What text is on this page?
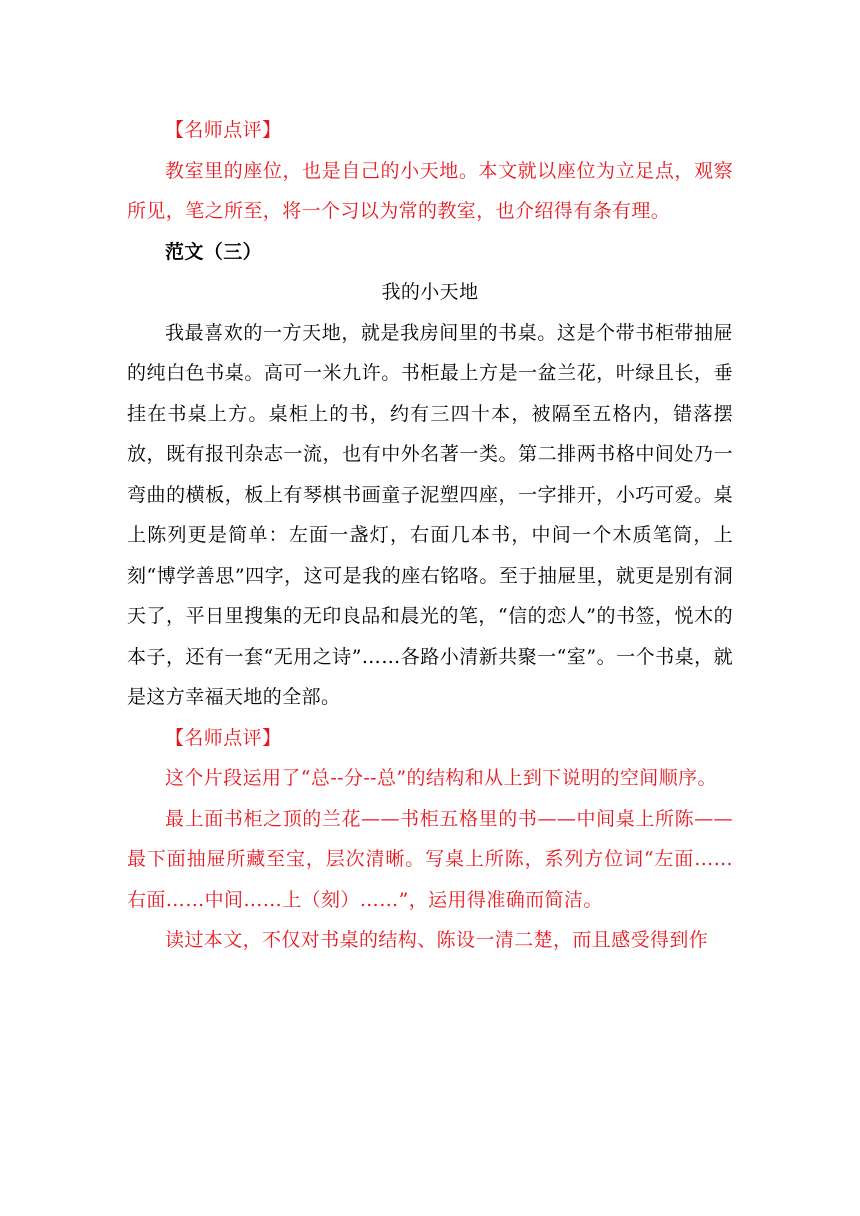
【名师点评】

教室里的座位，也是自己的小天地。本文就以座位为立足点，观察所见，笔之所至，将一个习以为常的教室，也介绍得有条有理。

范文（三）

我的小天地

我最喜欢的一方天地，就是我房间里的书桌。这是个带书柜带抽屉的纯白色书桌。高可一米九许。书柜最上方是一盆兰花，叶绿且长，垂挂在书桌上方。桌柜上的书，约有三四十本，被隔至五格内，错落摆放，既有报刊杂志一流，也有中外名著一类。第二排两书格中间处乃一弯曲的横板，板上有琴棋书画童子泥塑四座，一字排开，小巧可爱。桌上陈列更是简单：左面一盏灯，右面几本书，中间一个木质笔筒，上刻“博学善思”四字，这可是我的座右铭咯。至于抽屉里，就更是别有洞天了，平日里搜集的无印良品和晨光的笔，“信的恋人”的书签，悦木的本子，还有一套“无用之诗”……各路小清新共聚一“室”。一个书桌，就是这方幸福天地的全部。

【名师点评】

这个片段运用了“总--分--总”的结构和从上到下说明的空间顺序。

最上面书柜之顶的兰花——书柜五格里的书——中间桌上所陈——最下面抽屉所藏至宝，层次清晰。写桌上所陈，系列方位词“左面……右面……中间……上（刻）……”，运用得准确而简洁。

读过本文，不仅对书桌的结构、陈设一清二楚，而且感受得到作
